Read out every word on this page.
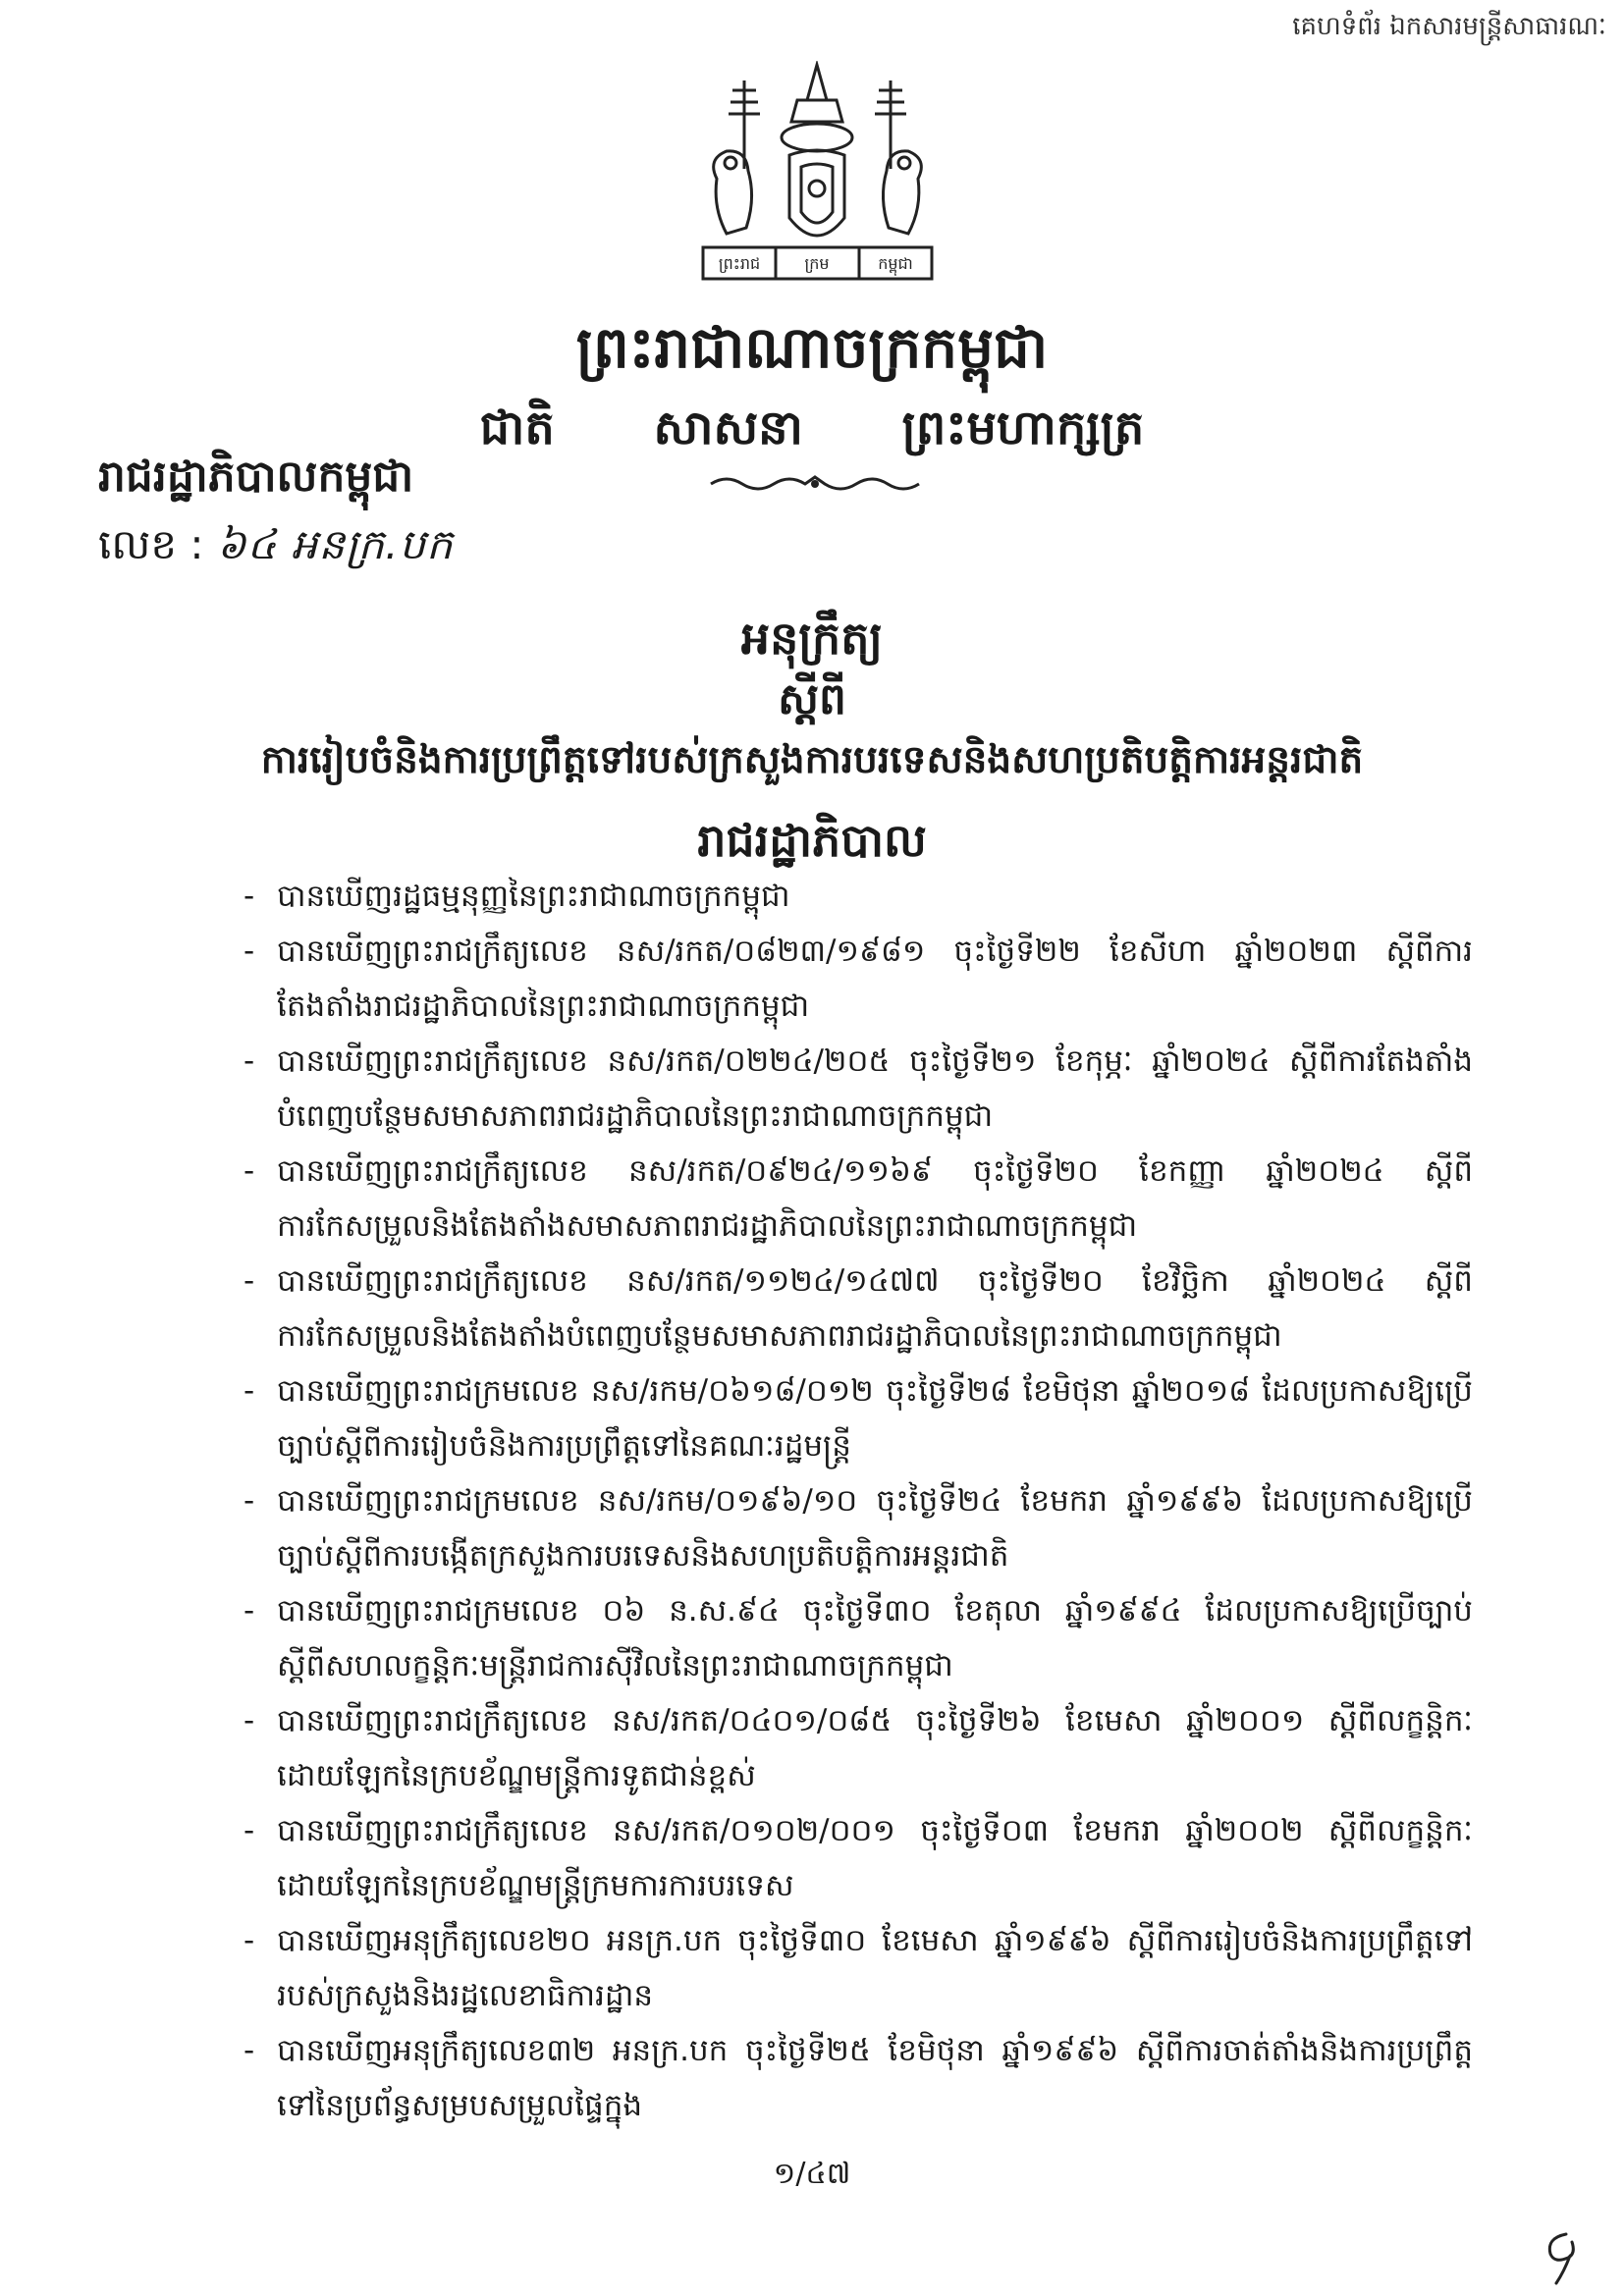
គេហទំព័រ ឯកសារមន្ត្រីសាធារណៈ
ព្រះរាជ	ក្រម	កម្ពុជា
ព្រះរាជាណាចក្រកម្ពុជា
ជាតិ សាសនា ព្រះមហាក្សត្រ
រាជរដ្ឋាភិបាលកម្ពុជា
លេខ : ៦៤ អនក្រ.បក
អនុក្រឹត្យ
ស្តីពី
ការរៀបចំនិងការប្រព្រឹត្តទៅរបស់ក្រសួងការបរទេសនិងសហប្រតិបត្តិការអន្តរជាតិ
រាជរដ្ឋាភិបាល
- បានឃើញរដ្ឋធម្មនុញ្ញនៃព្រះរាជាណាចក្រកម្ពុជា
- បានឃើញព្រះរាជក្រឹត្យលេខ នស/រកត/០៨២៣/១៩៨១ ចុះថ្ងៃទី២២ ខែសីហា ឆ្នាំ២០២៣ ស្តីពីការតែងតាំងរាជរដ្ឋាភិបាលនៃព្រះរាជាណាចក្រកម្ពុជា
- បានឃើញព្រះរាជក្រឹត្យលេខ នស/រកត/០២២៤/២០៥ ចុះថ្ងៃទី២១ ខែកុម្ភៈ ឆ្នាំ២០២៤ ស្តីពីការតែងតាំងបំពេញបន្ថែមសមាសភាពរាជរដ្ឋាភិបាលនៃព្រះរាជាណាចក្រកម្ពុជា
- បានឃើញព្រះរាជក្រឹត្យលេខ នស/រកត/០៩២៤/១១៦៩ ចុះថ្ងៃទី២០ ខែកញ្ញា ឆ្នាំ២០២៤ ស្តីពីការកែសម្រួលនិងតែងតាំងសមាសភាពរាជរដ្ឋាភិបាលនៃព្រះរាជាណាចក្រកម្ពុជា
- បានឃើញព្រះរាជក្រឹត្យលេខ នស/រកត/១១២៤/១៤៧៧ ចុះថ្ងៃទី២០ ខែវិច្ឆិកា ឆ្នាំ២០២៤ ស្តីពីការកែសម្រួលនិងតែងតាំងបំពេញបន្ថែមសមាសភាពរាជរដ្ឋាភិបាលនៃព្រះរាជាណាចក្រកម្ពុជា
- បានឃើញព្រះរាជក្រមលេខ នស/រកម/០៦១៨/០១២ ចុះថ្ងៃទី២៨ ខែមិថុនា ឆ្នាំ២០១៨ ដែលប្រកាសឱ្យប្រើច្បាប់ស្តីពីការរៀបចំនិងការប្រព្រឹត្តទៅនៃគណៈរដ្ឋមន្ត្រី
- បានឃើញព្រះរាជក្រមលេខ នស/រកម/០១៩៦/១០ ចុះថ្ងៃទី២៤ ខែមករា ឆ្នាំ១៩៩៦ ដែលប្រកាសឱ្យប្រើច្បាប់ស្តីពីការបង្កើតក្រសួងការបរទេសនិងសហប្រតិបត្តិការអន្តរជាតិ
- បានឃើញព្រះរាជក្រមលេខ ០៦ ន.ស.៩៤ ចុះថ្ងៃទី៣០ ខែតុលា ឆ្នាំ១៩៩៤ ដែលប្រកាសឱ្យប្រើច្បាប់ស្តីពីសហលក្ខន្តិកៈមន្ត្រីរាជការស៊ីវិលនៃព្រះរាជាណាចក្រកម្ពុជា
- បានឃើញព្រះរាជក្រឹត្យលេខ នស/រកត/០៤០១/០៨៥ ចុះថ្ងៃទី២៦ ខែមេសា ឆ្នាំ២០០១ ស្តីពីលក្ខន្តិកៈដោយឡែកនៃក្របខ័ណ្ឌមន្ត្រីការទូតជាន់ខ្ពស់
- បានឃើញព្រះរាជក្រឹត្យលេខ នស/រកត/០១០២/០០១ ចុះថ្ងៃទី០៣ ខែមករា ឆ្នាំ២០០២ ស្តីពីលក្ខន្តិកៈដោយឡែកនៃក្របខ័ណ្ឌមន្ត្រីក្រមការការបរទេស
- បានឃើញអនុក្រឹត្យលេខ២០ អនក្រ.បក ចុះថ្ងៃទី៣០ ខែមេសា ឆ្នាំ១៩៩៦ ស្តីពីការរៀបចំនិងការប្រព្រឹត្តទៅរបស់ក្រសួងនិងរដ្ឋលេខាធិការដ្ឋាន
- បានឃើញអនុក្រឹត្យលេខ៣២ អនក្រ.បក ចុះថ្ងៃទី២៥ ខែមិថុនា ឆ្នាំ១៩៩៦ ស្តីពីការចាត់តាំងនិងការប្រព្រឹត្តទៅនៃប្រព័ន្ធសម្របសម្រួលផ្ទៃក្នុង
១/៤៧
